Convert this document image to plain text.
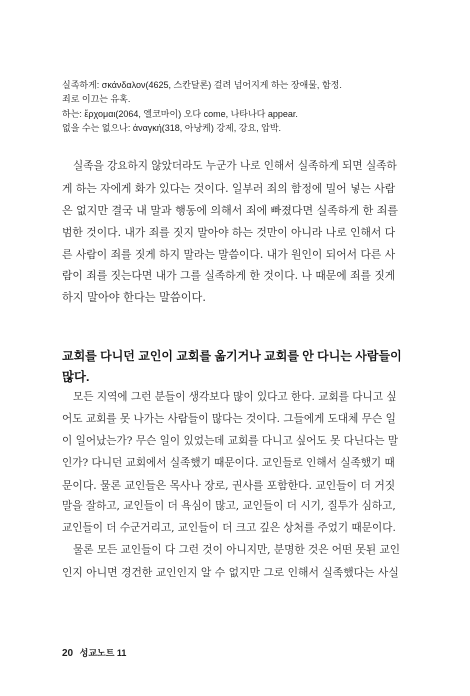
실족하게: σκάνδαλον(4625, 스칸달론) 걸려 넘어지게 하는 장애물, 함정.
죄로 이끄는 유혹.
하는: ἔρχομαι(2064, 엘코마이) 오다 come, 나타나다 appear.
없을 수는 없으나: ἀναγκή(318, 아낭케) 강제, 강요, 압박.
실족을 강요하지 않았더라도 누군가 나로 인해서 실족하게 되면 실족하
게 하는 자에게 화가 있다는 것이다. 일부러 죄의 함정에 밀어 넣는 사람
은 없지만 결국 내 말과 행동에 의해서 죄에 빠졌다면 실족하게 한 죄를
범한 것이다. 내가 죄를 짓지 말아야 하는 것만이 아니라 나로 인해서 다
른 사람이 죄를 짓게 하지 말라는 말씀이다. 내가 원인이 되어서 다른 사
람이 죄를 짓는다면 내가 그를 실족하게 한 것이다. 나 때문에 죄를 짓게
하지 말아야 한다는 말씀이다.
교회를 다니던 교인이 교회를 옮기거나 교회를 안 다니는 사람들이
많다.
모든 지역에 그런 분들이 생각보다 많이 있다고 한다. 교회를 다니고 싶
어도 교회를 못 나가는 사람들이 많다는 것이다. 그들에게 도대체 무슨 일
이 일어났는가? 무슨 일이 있었는데 교회를 다니고 싶어도 못 다닌다는 말
인가? 다니던 교회에서 실족했기 때문이다. 교인들로 인해서 실족했기 때
문이다. 물론 교인들은 목사나 장로, 권사를 포함한다. 교인들이 더 거짓
말을 잘하고, 교인들이 더 욕심이 많고, 교인들이 더 시기, 질투가 심하고,
교인들이 더 수군거리고, 교인들이 더 크고 깊은 상처를 주었기 때문이다.
물론 모든 교인들이 다 그런 것이 아니지만, 분명한 것은 어떤 못된 교인
인지 아니면 경건한 교인인지 알 수 없지만 그로 인해서 실족했다는 사실
20 성교노트 11
